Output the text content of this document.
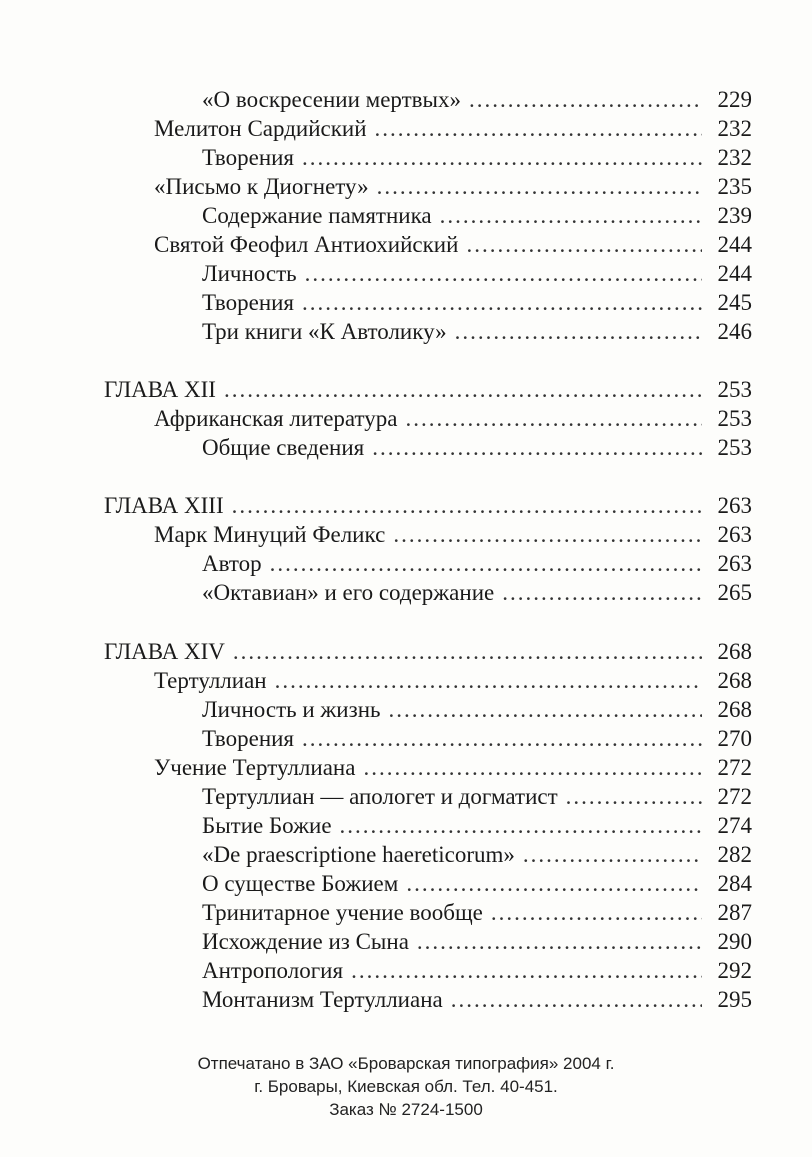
«О воскресении мертвых» .....	229
Мелитон Сардийский .....	232
Творения .....	232
«Письмо к Диогнету» .....	235
Содержание памятника .....	239
Святой Феофил Антиохийский .....	244
Личность .....	244
Творения .....	245
Три книги «К Автолику» .....	246
ГЛАВА XII .....	253
Африканская литература .....	253
Общие сведения .....	253
ГЛАВА XIII .....	263
Марк Минуций Феликс .....	263
Автор .....	263
«Октавиан» и его содержание .....	265
ГЛАВА XIV .....	268
Тертуллиан .....	268
Личность и жизнь .....	268
Творения .....	270
Учение Тертуллиана .....	272
Тертуллиан — апологет и догматист .....	272
Бытие Божие .....	274
«De praescriptione haereticorum» .....	282
О существе Божием .....	284
Тринитарное учение вообще .....	287
Исхождение из Сына .....	290
Антропология .....	292
Монтанизм Тертуллиана .....	295
Отпечатано в ЗАО «Броварская типография» 2004 г.
г. Бровары, Киевская обл. Тел. 40-451.
Заказ № 2724-1500
